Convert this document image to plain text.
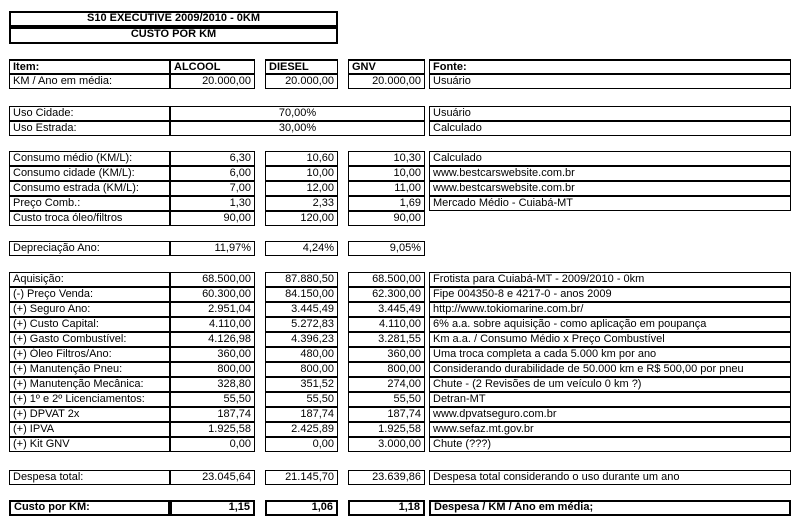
S10 EXECUTIVE 2009/2010 - 0KM
CUSTO POR KM
Item:	ALCOOL	DIESEL	GNV	Fonte:
KM / Ano em média:	20.000,00	20.000,00	20.000,00	Usuário
Uso Cidade:	70,00%	Usuário
Uso Estrada:	30,00%	Calculado
Consumo médio (KM/L):	6,30	10,60	10,30	Calculado
Consumo cidade (KM/L):	6,00	10,00	10,00	www.bestcarswebsite.com.br
Consumo estrada (KM/L):	7,00	12,00	11,00	www.bestcarswebsite.com.br
Preço Comb.:	1,30	2,33	1,69	Mercado Médio - Cuiabá-MT
Custo troca óleo/filtros	90,00	120,00	90,00
Depreciação Ano:	11,97%	4,24%	9,05%
Aquisição:	68.500,00	87.880,50	68.500,00	Frotista para Cuiabá-MT - 2009/2010 - 0km
(-) Preço Venda:	60.300,00	84.150,00	62.300,00	Fipe 004350-8 e 4217-0 - anos 2009
(+) Seguro Ano:	2.951,04	3.445,49	3.445,49	http://www.tokiomarine.com.br/
(+) Custo Capital:	4.110,00	5.272,83	4.110,00	6% a.a. sobre aquisição - como aplicação em poupança
(+) Gasto Combustível:	4.126,98	4.396,23	3.281,55	Km a.a. / Consumo Médio x Preço Combustível
(+) Óleo Filtros/Ano:	360,00	480,00	360,00	Uma troca completa a cada 5.000 km por ano
(+) Manutenção Pneu:	800,00	800,00	800,00	Considerando durabilidade de 50.000 km e R$ 500,00 por pneu
(+) Manutenção Mecânica:	328,80	351,52	274,00	Chute - (2 Revisões de um veículo 0 km ?)
(+) 1º e 2º Licenciamentos:	55,50	55,50	55,50	Detran-MT
(+) DPVAT 2x	187,74	187,74	187,74	www.dpvatseguro.com.br
(+) IPVA	1.925,58	2.425,89	1.925,58	www.sefaz.mt.gov.br
(+) Kit GNV	0,00	0,00	3.000,00	Chute (???)
Despesa total:	23.045,64	21.145,70	23.639,86	Despesa total considerando o uso durante um ano
Custo por KM:	1,15	1,06	1,18	Despesa / KM / Ano em média;
